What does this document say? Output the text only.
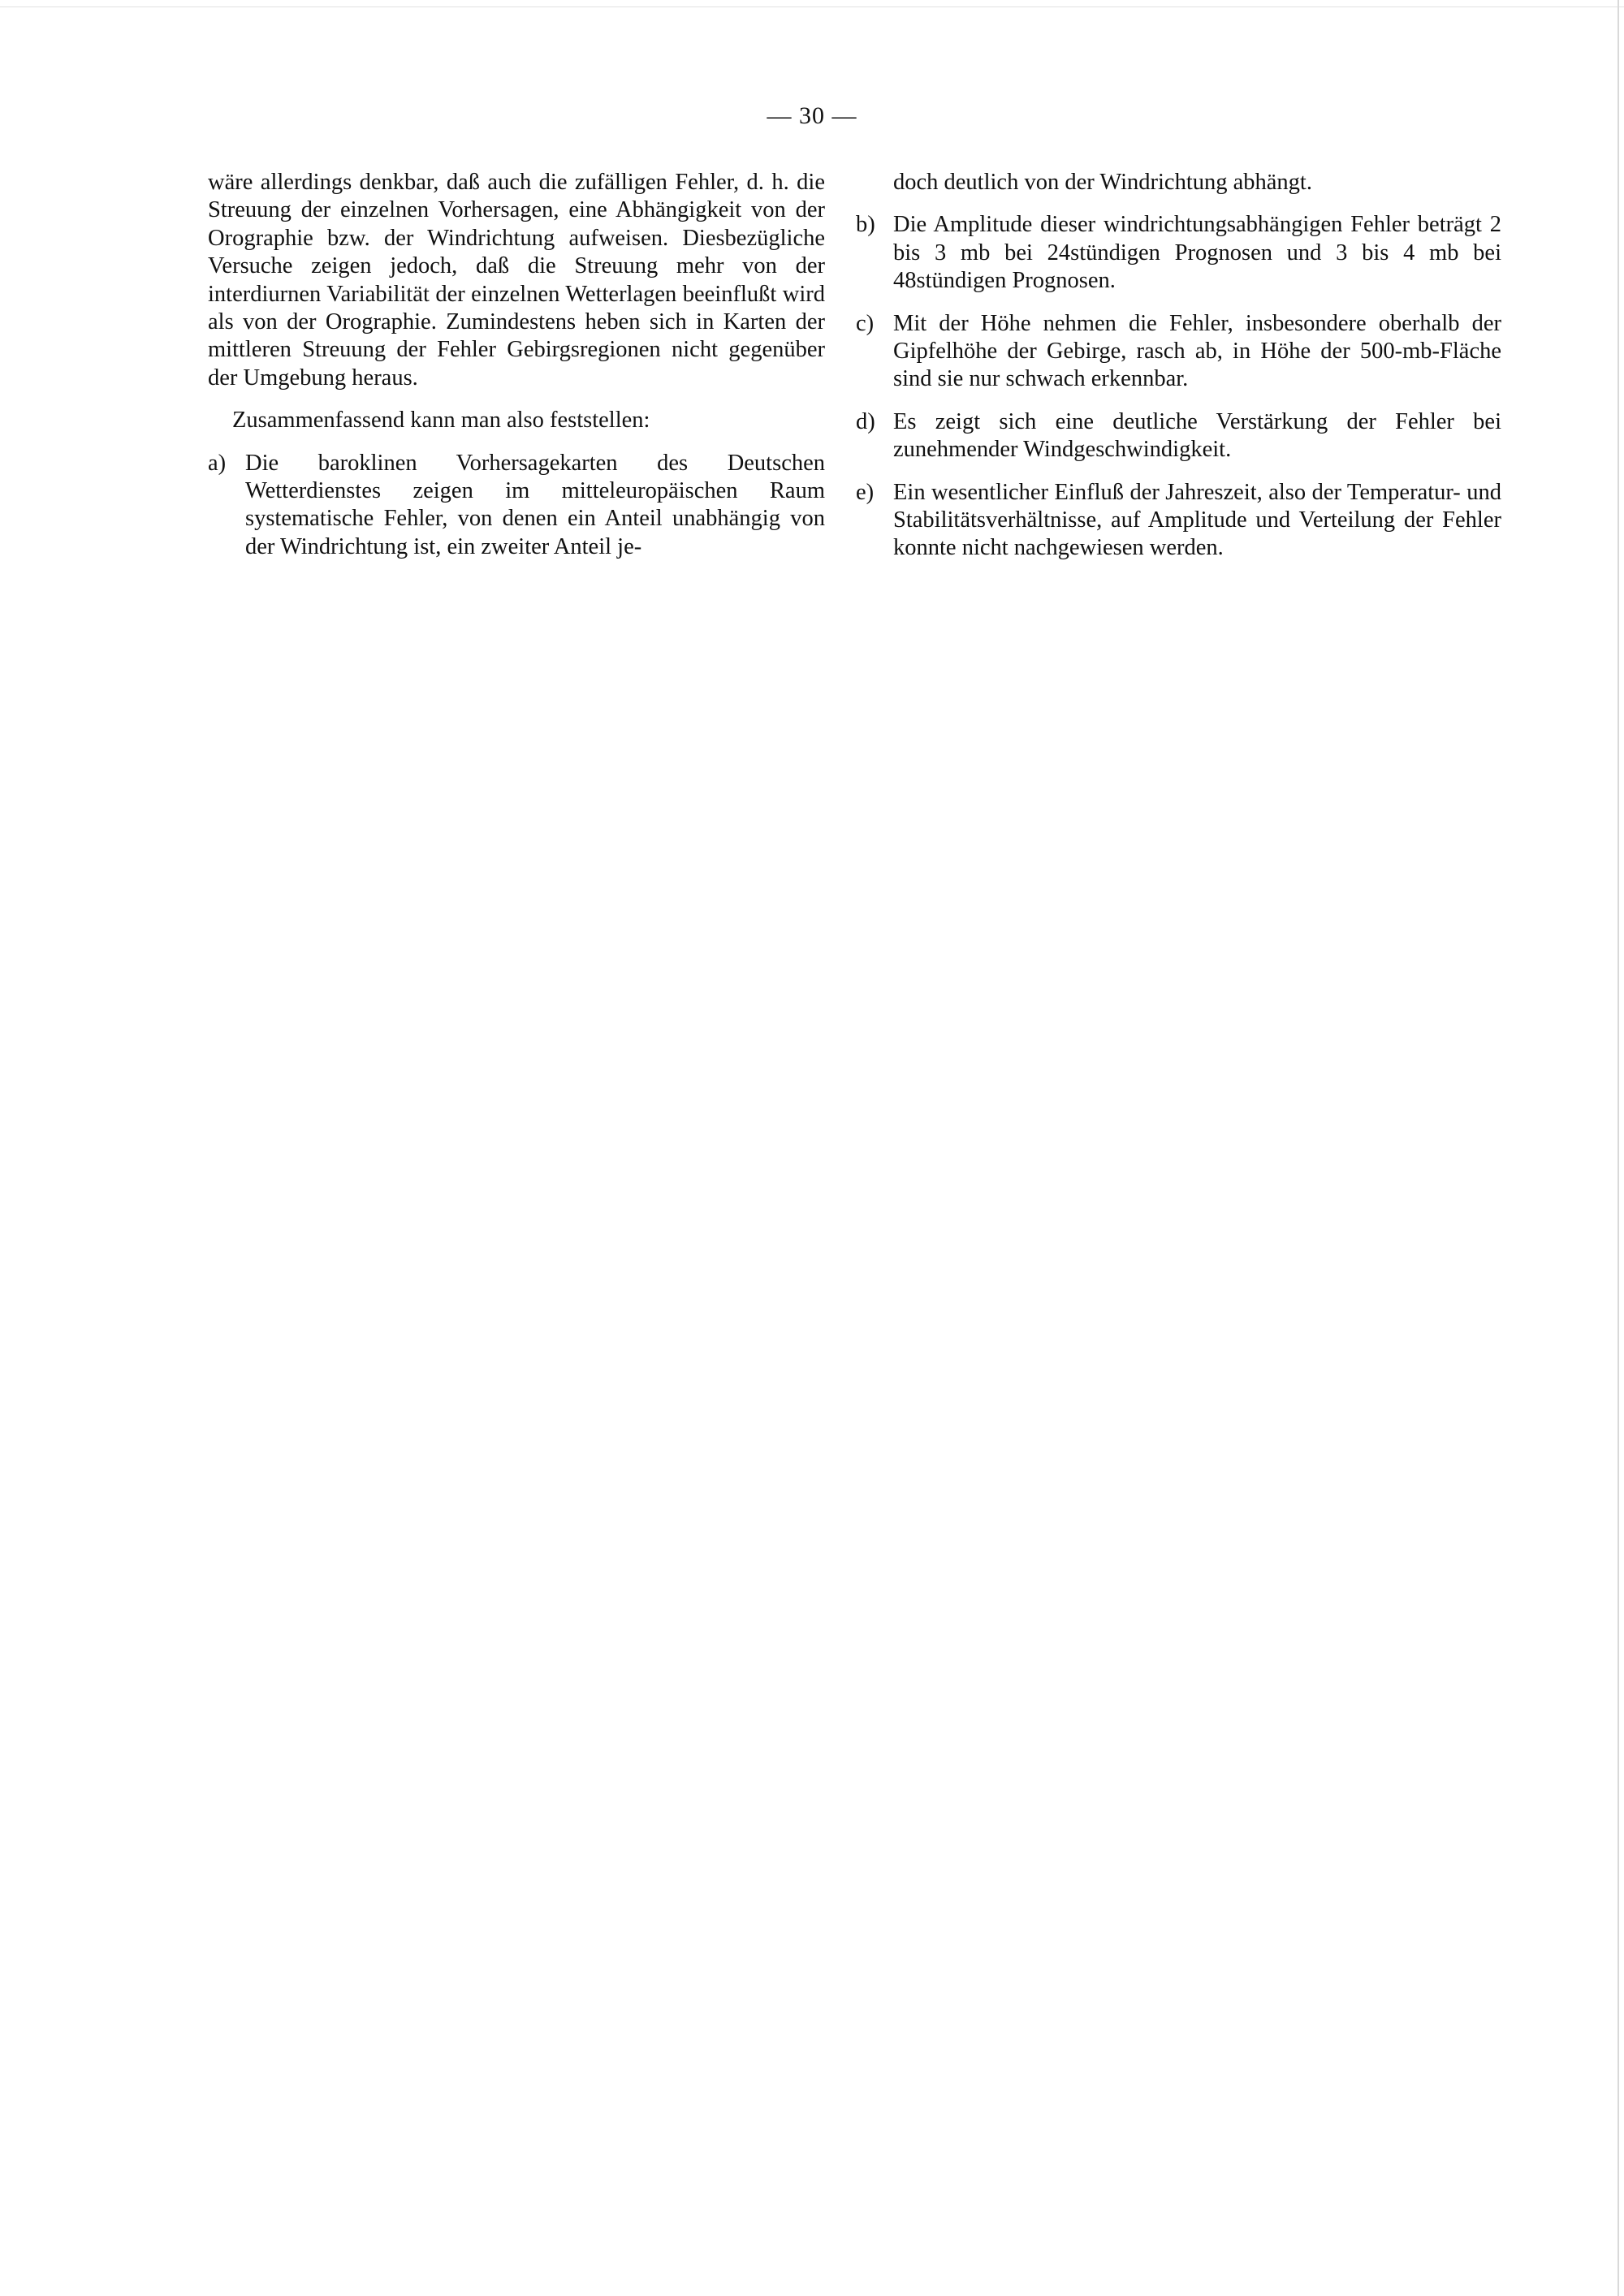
— 30 —

wäre allerdings denkbar, daß auch die zufälligen Fehler, d. h. die Streuung der einzelnen Vorhersagen, eine Abhängigkeit von der Orographie bzw. der Windrichtung aufweisen. Diesbezügliche Versuche zeigen jedoch, daß die Streuung mehr von der interdiurnen Variabilität der einzelnen Wetterlagen beeinflußt wird als von der Orographie. Zumindestens heben sich in Karten der mittleren Streuung der Fehler Gebirgsregionen nicht gegenüber der Umgebung heraus.

Zusammenfassend kann man also feststellen:

a) Die baroklinen Vorhersagekarten des Deutschen Wetterdienstes zeigen im mitteleuropäischen Raum systematische Fehler, von denen ein Anteil unabhängig von der Windrichtung ist, ein zweiter Anteil je-

doch deutlich von der Windrichtung abhängt.

b) Die Amplitude dieser windrichtungsabhängigen Fehler beträgt 2 bis 3 mb bei 24stündigen Prognosen und 3 bis 4 mb bei 48stündigen Prognosen.
c) Mit der Höhe nehmen die Fehler, insbesondere oberhalb der Gipfelhöhe der Gebirge, rasch ab, in Höhe der 500-mb-Fläche sind sie nur schwach erkennbar.
d) Es zeigt sich eine deutliche Verstärkung der Fehler bei zunehmender Windgeschwindigkeit.
e) Ein wesentlicher Einfluß der Jahreszeit, also der Temperatur- und Stabilitätsverhältnisse, auf Amplitude und Verteilung der Fehler konnte nicht nachgewiesen werden.
